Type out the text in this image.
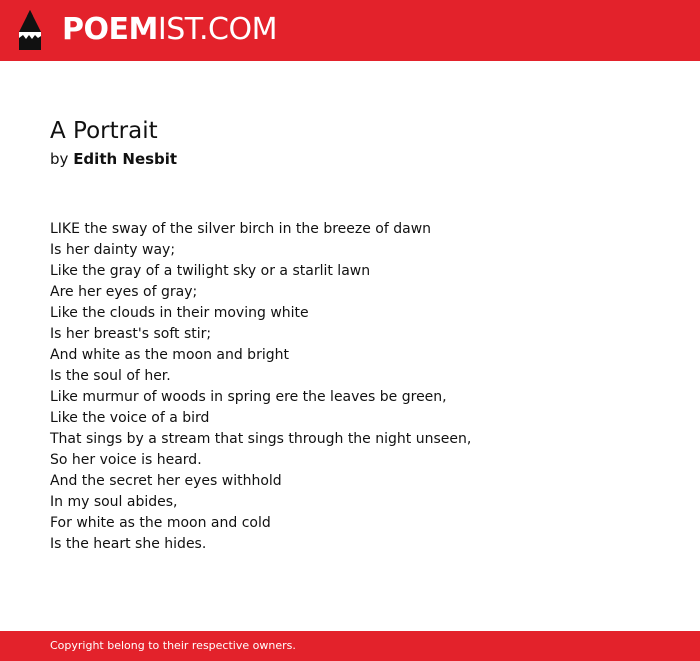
POEMIST.COM
A Portrait
by Edith Nesbit
LIKE the sway of the silver birch in the breeze of dawn
Is her dainty way;
Like the gray of a twilight sky or a starlit lawn
Are her eyes of gray;
Like the clouds in their moving white
Is her breast's soft stir;
And white as the moon and bright
Is the soul of her.
Like murmur of woods in spring ere the leaves be green,
Like the voice of a bird
That sings by a stream that sings through the night unseen,
So her voice is heard.
And the secret her eyes withhold
In my soul abides,
For white as the moon and cold
Is the heart she hides.
Copyright belong to their respective owners.
